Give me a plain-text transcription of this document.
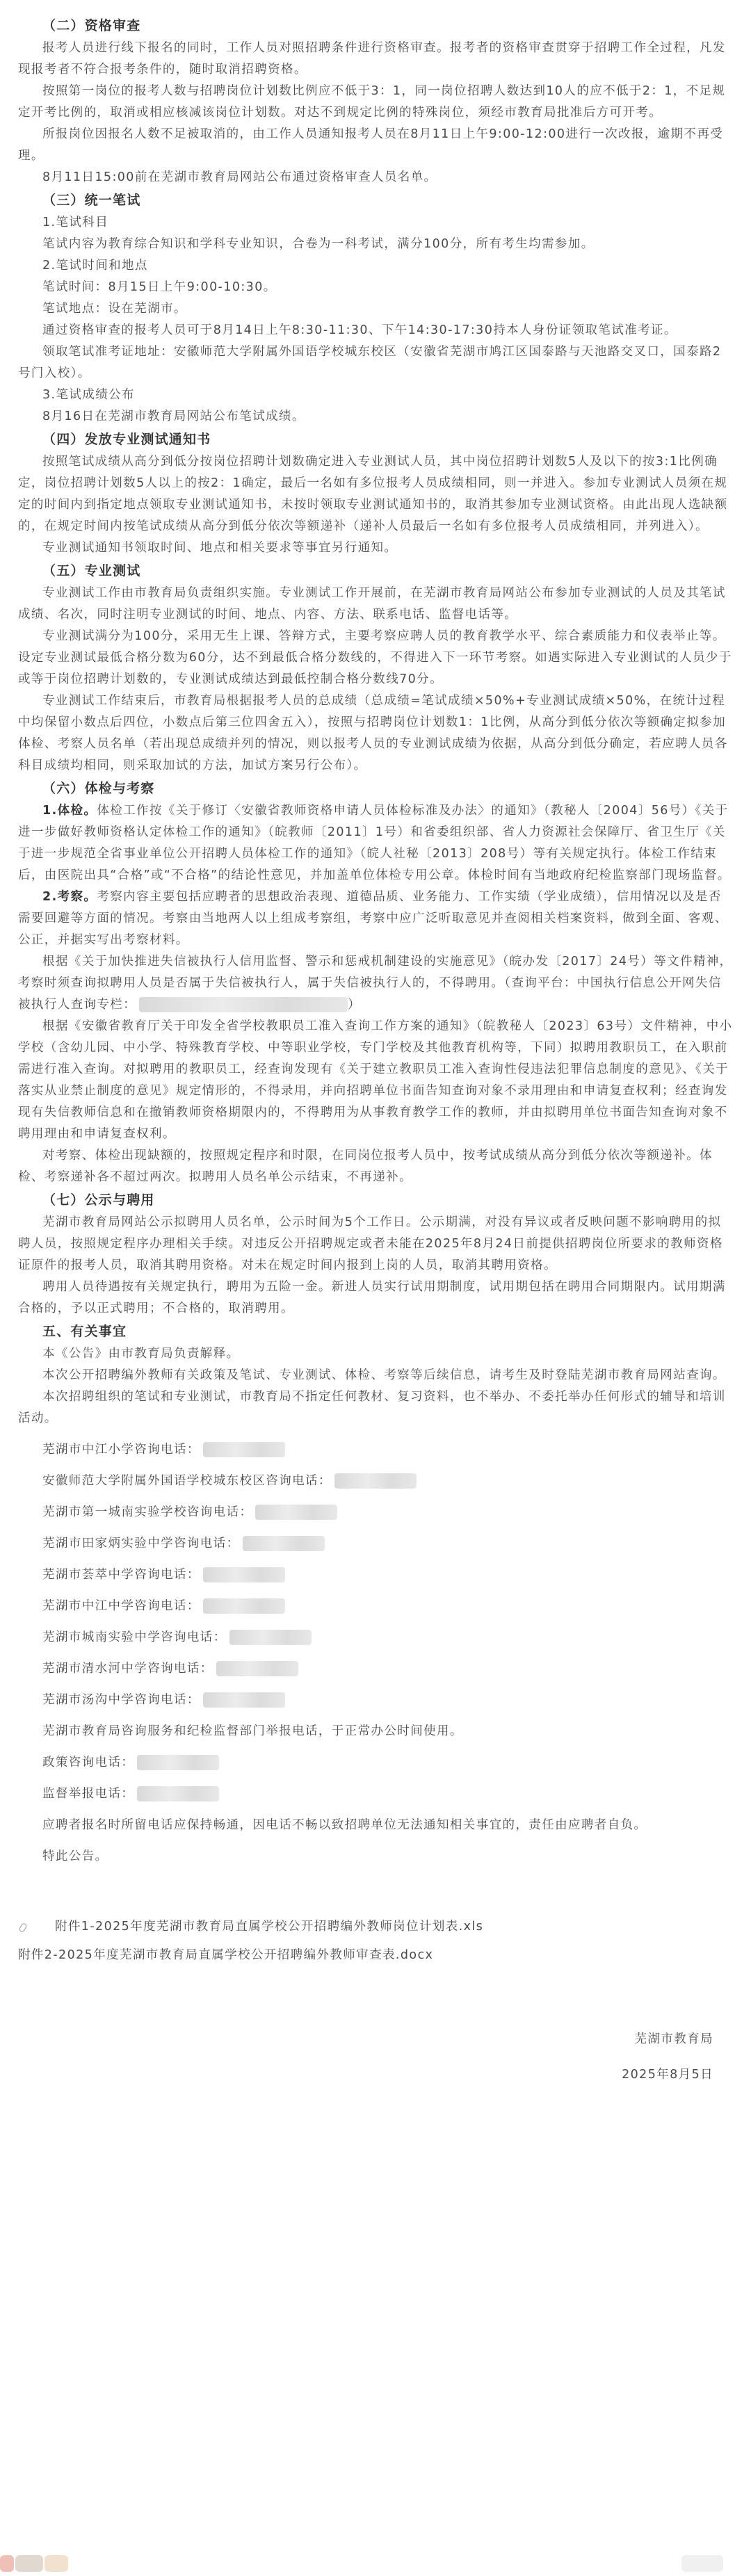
（二）资格审查

报考人员进行线下报名的同时，工作人员对照招聘条件进行资格审查。报考者的资格审查贯穿于招聘工作全过程，凡发现报考者不符合报考条件的，随时取消招聘资格。

按照第一岗位的报考人数与招聘岗位计划数比例应不低于3：1，同一岗位招聘人数达到10人的应不低于2：1，不足规定开考比例的，取消或相应核减该岗位计划数。对达不到规定比例的特殊岗位，须经市教育局批准后方可开考。

所报岗位因报名人数不足被取消的，由工作人员通知报考人员在8月11日上午9:00-12:00进行一次改报，逾期不再受理。

8月11日15:00前在芜湖市教育局网站公布通过资格审查人员名单。

（三）统一笔试

1.笔试科目

笔试内容为教育综合知识和学科专业知识，合卷为一科考试，满分100分，所有考生均需参加。

2.笔试时间和地点

笔试时间：8月15日上午9:00-10:30。

笔试地点：设在芜湖市。

通过资格审查的报考人员可于8月14日上午8:30-11:30、下午14:30-17:30持本人身份证领取笔试准考证。

领取笔试准考证地址：安徽师范大学附属外国语学校城东校区（安徽省芜湖市鸠江区国泰路与天池路交叉口，国泰路2号门入校）。

3.笔试成绩公布

8月16日在芜湖市教育局网站公布笔试成绩。

（四）发放专业测试通知书

按照笔试成绩从高分到低分按岗位招聘计划数确定进入专业测试人员，其中岗位招聘计划数5人及以下的按3:1比例确定，岗位招聘计划数5人以上的按2：1确定，最后一名如有多位报考人员成绩相同，则一并进入。参加专业测试人员须在规定的时间内到指定地点领取专业测试通知书，未按时领取专业测试通知书的，取消其参加专业测试资格。由此出现人选缺额的，在规定时间内按笔试成绩从高分到低分依次等额递补（递补人员最后一名如有多位报考人员成绩相同，并列进入）。

专业测试通知书领取时间、地点和相关要求等事宜另行通知。

（五）专业测试

专业测试工作由市教育局负责组织实施。专业测试工作开展前，在芜湖市教育局网站公布参加专业测试的人员及其笔试成绩、名次，同时注明专业测试的时间、地点、内容、方法、联系电话、监督电话等。

专业测试满分为100分，采用无生上课、答辩方式，主要考察应聘人员的教育教学水平、综合素质能力和仪表举止等。设定专业测试最低合格分数为60分，达不到最低合格分数线的，不得进入下一环节考察。如遇实际进入专业测试的人员少于或等于岗位招聘计划数的，专业测试成绩达到最低控制合格分数线70分。

专业测试工作结束后，市教育局根据报考人员的总成绩（总成绩=笔试成绩×50%+专业测试成绩×50%，在统计过程中均保留小数点后四位，小数点后第三位四舍五入），按照与招聘岗位计划数1：1比例，从高分到低分依次等额确定拟参加体检、考察人员名单（若出现总成绩并列的情况，则以报考人员的专业测试成绩为依据，从高分到低分确定，若应聘人员各科目成绩均相同，则采取加试的方法，加试方案另行公布）。

（六）体检与考察

1.体检。体检工作按《关于修订〈安徽省教师资格申请人员体检标准及办法〉的通知》（教秘人〔2004〕56号）《关于进一步做好教师资格认定体检工作的通知》（皖教师〔2011〕1号）和省委组织部、省人力资源社会保障厅、省卫生厅《关于进一步规范全省事业单位公开招聘人员体检工作的通知》（皖人社秘〔2013〕208号）等有关规定执行。体检工作结束后，由医院出具“合格”或“不合格”的结论性意见，并加盖单位体检专用公章。体检时间有当地政府纪检监察部门现场监督。

2.考察。考察内容主要包括应聘者的思想政治表现、道德品质、业务能力、工作实绩（学业成绩），信用情况以及是否需要回避等方面的情况。考察由当地两人以上组成考察组，考察中应广泛听取意见并查阅相关档案资料，做到全面、客观、公正，并据实写出考察材料。

根据《关于加快推进失信被执行人信用监督、警示和惩戒机制建设的实施意见》（皖办发〔2017〕24号）等文件精神，考察时须查询拟聘用人员是否属于失信被执行人，属于失信被执行人的，不得聘用。（查询平台：中国执行信息公开网失信被执行人查询专栏：	）

根据《安徽省教育厅关于印发全省学校教职员工准入查询工作方案的通知》（皖教秘人〔2023〕63号）文件精神，中小学校（含幼儿园、中小学、特殊教育学校、中等职业学校，专门学校及其他教育机构等，下同）拟聘用教职员工，在入职前需进行准入查询。对拟聘用的教职员工，经查询发现有《关于建立教职员工准入查询性侵违法犯罪信息制度的意见》、《关于落实从业禁止制度的意见》规定情形的，不得录用，并向招聘单位书面告知查询对象不录用理由和申请复查权利；经查询发现有失信教师信息和在撤销教师资格期限内的，不得聘用为从事教育教学工作的教师，并由拟聘用单位书面告知查询对象不聘用理由和申请复查权利。

对考察、体检出现缺额的，按照规定程序和时限，在同岗位报考人员中，按考试成绩从高分到低分依次等额递补。体检、考察递补各不超过两次。拟聘用人员名单公示结束，不再递补。

（七）公示与聘用

芜湖市教育局网站公示拟聘用人员名单，公示时间为5个工作日。公示期满，对没有异议或者反映问题不影响聘用的拟聘人员，按照规定程序办理相关手续。对违反公开招聘规定或者未能在2025年8月24日前提供招聘岗位所要求的教师资格证原件的报考人员，取消其聘用资格。对未在规定时间内报到上岗的人员，取消其聘用资格。

聘用人员待遇按有关规定执行，聘用为五险一金。新进人员实行试用期制度，试用期包括在聘用合同期限内。试用期满合格的，予以正式聘用；不合格的，取消聘用。

五、有关事宜

本《公告》由市教育局负责解释。

本次公开招聘编外教师有关政策及笔试、专业测试、体检、考察等后续信息，请考生及时登陆芜湖市教育局网站查询。

本次招聘组织的笔试和专业测试，市教育局不指定任何教材、复习资料，也不举办、不委托举办任何形式的辅导和培训活动。

芜湖市中江小学咨询电话：

安徽师范大学附属外国语学校城东校区咨询电话：

芜湖市第一城南实验学校咨询电话：

芜湖市田家炳实验中学咨询电话：

芜湖市荟萃中学咨询电话：

芜湖市中江中学咨询电话：

芜湖市城南实验中学咨询电话：

芜湖市清水河中学咨询电话：

芜湖市汤沟中学咨询电话：

芜湖市教育局咨询服务和纪检监督部门举报电话，于正常办公时间使用。

政策咨询电话：

监督举报电话：

应聘者报名时所留电话应保持畅通，因电话不畅以致招聘单位无法通知相关事宜的，责任由应聘者自负。

特此公告。

附件1-2025年度芜湖市教育局直属学校公开招聘编外教师岗位计划表.xls

附件2-2025年度芜湖市教育局直属学校公开招聘编外教师审查表.docx

芜湖市教育局

2025年8月5日
